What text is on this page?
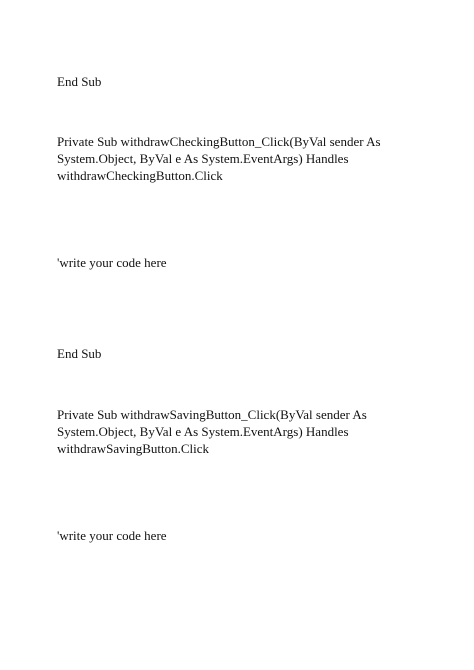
End Sub

Private Sub withdrawCheckingButton_Click(ByVal sender As
System.Object, ByVal e As System.EventArgs) Handles
withdrawCheckingButton.Click

'write your code here

End Sub

Private Sub withdrawSavingButton_Click(ByVal sender As
System.Object, ByVal e As System.EventArgs) Handles
withdrawSavingButton.Click

'write your code here
